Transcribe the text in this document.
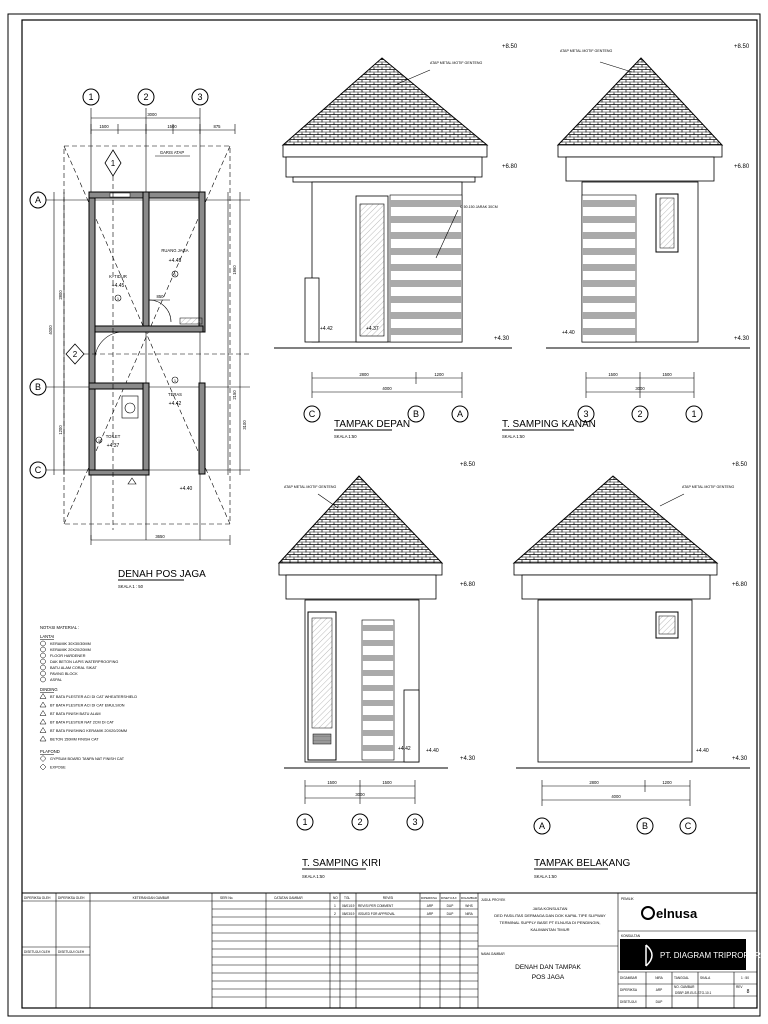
1	2	3
1500
3000
1500	875
GARIS ATAP
A
B
C
2800
4000
1200
1950
2150
3100
1
2
K. TIDUR
+4.45
1
RUANG JAGA
+4.45
1
850
1
TERAS
+4.42
TOILET
+4.37
1
+4.40
3650
DENAH POS JAGA
SKALA 1 : 50
NOTASI MATERIAL :
LANTAI
KERAMIK 30X30/30MM
KERAMIK 20X20/20MM
FLOOR HARDENER
DAK BETON LAPIS WATERPROOFING
BATU ALAM CORAL SIKAT
PAVING BLOCK
ASPAL
DINDING
BT BATA PLESTER ACI DI CAT WHEATERSHIELD
BT BATA PLESTER ACI DI CAT EMULSION
BT BATA FINISH BATU ALAM
BT BATA PLESTER NAT 2CM DI CAT
BT BATA FINISHING KERAMIK 20X20/20MM
BETON 150MM FINISH CAT
PLAFOND
GYPSUM BOARD TANPA NAT FINISH CAT
EXPOSE
ATAP METAL MOTIF GENTENG
C 50.150 JARAK 30CM
+8.50
+6.80
+4.42	+4.37
+4.30
2800	1200
4000
C	B	A
TAMPAK DEPAN
SKALA 1:50
ATAP METAL MOTIF GENTENG
+8.50
+6.80
+4.40
+4.30
1500	1500
3000
3	2	1
T. SAMPING KANAN
SKALA 1:50
ATAP METAL MOTIF GENTENG
+8.50
+6.80
+4.42	+4.40
+4.30
1500	1500
3000
1	2	3
T. SAMPING KIRI
SKALA 1:50
ATAP METAL MOTIF GENTENG
+8.50
+6.80
+4.40
+4.30
2800	1200
4000
A	B	C
TAMPAK BELAKANG
SKALA 1:50
DIPERIKSA OLEH DIPERIKSA OLEH	KETERANGAN GAMBAR	SERI No.	CATATAN GAMBAR	NO TGL	REVISI	DIPERIKSA DISETUJUI DIGAMBAR
1 06/01/19 REVISI PER COMMENT	ARP	DUP	WHS
2 08/03/19 ISSUED FOR APPROVAL	ARP	DUP	NIRA
DISETUJUI OLEH DISETUJUI OLEH
JUDUL PROYEK
JASA KONSULTAN
DED FASILITAS DERMAGA DAN DOK KAPAL TIPE SLIPWAY
TERMINAL SUPPLY BASE PT ELNUSA DI PENDINGIN,
KALIMANTAN TIMUR
NAMA GAMBAR
DENAH DAN TAMPAK
POS JAGA
PEMILIK
elnusa
KONSULTAN
PT. DIAGRAM TRIPROPORSI
DIGAMBAR	NIRA	TANGGAL	SKALA	1 : 50
DIPERIKSA	ARP
NO. GAMBAR
DSBP-DR-ELS-STG-10.1
REV
8
DISETUJUI	DUP
